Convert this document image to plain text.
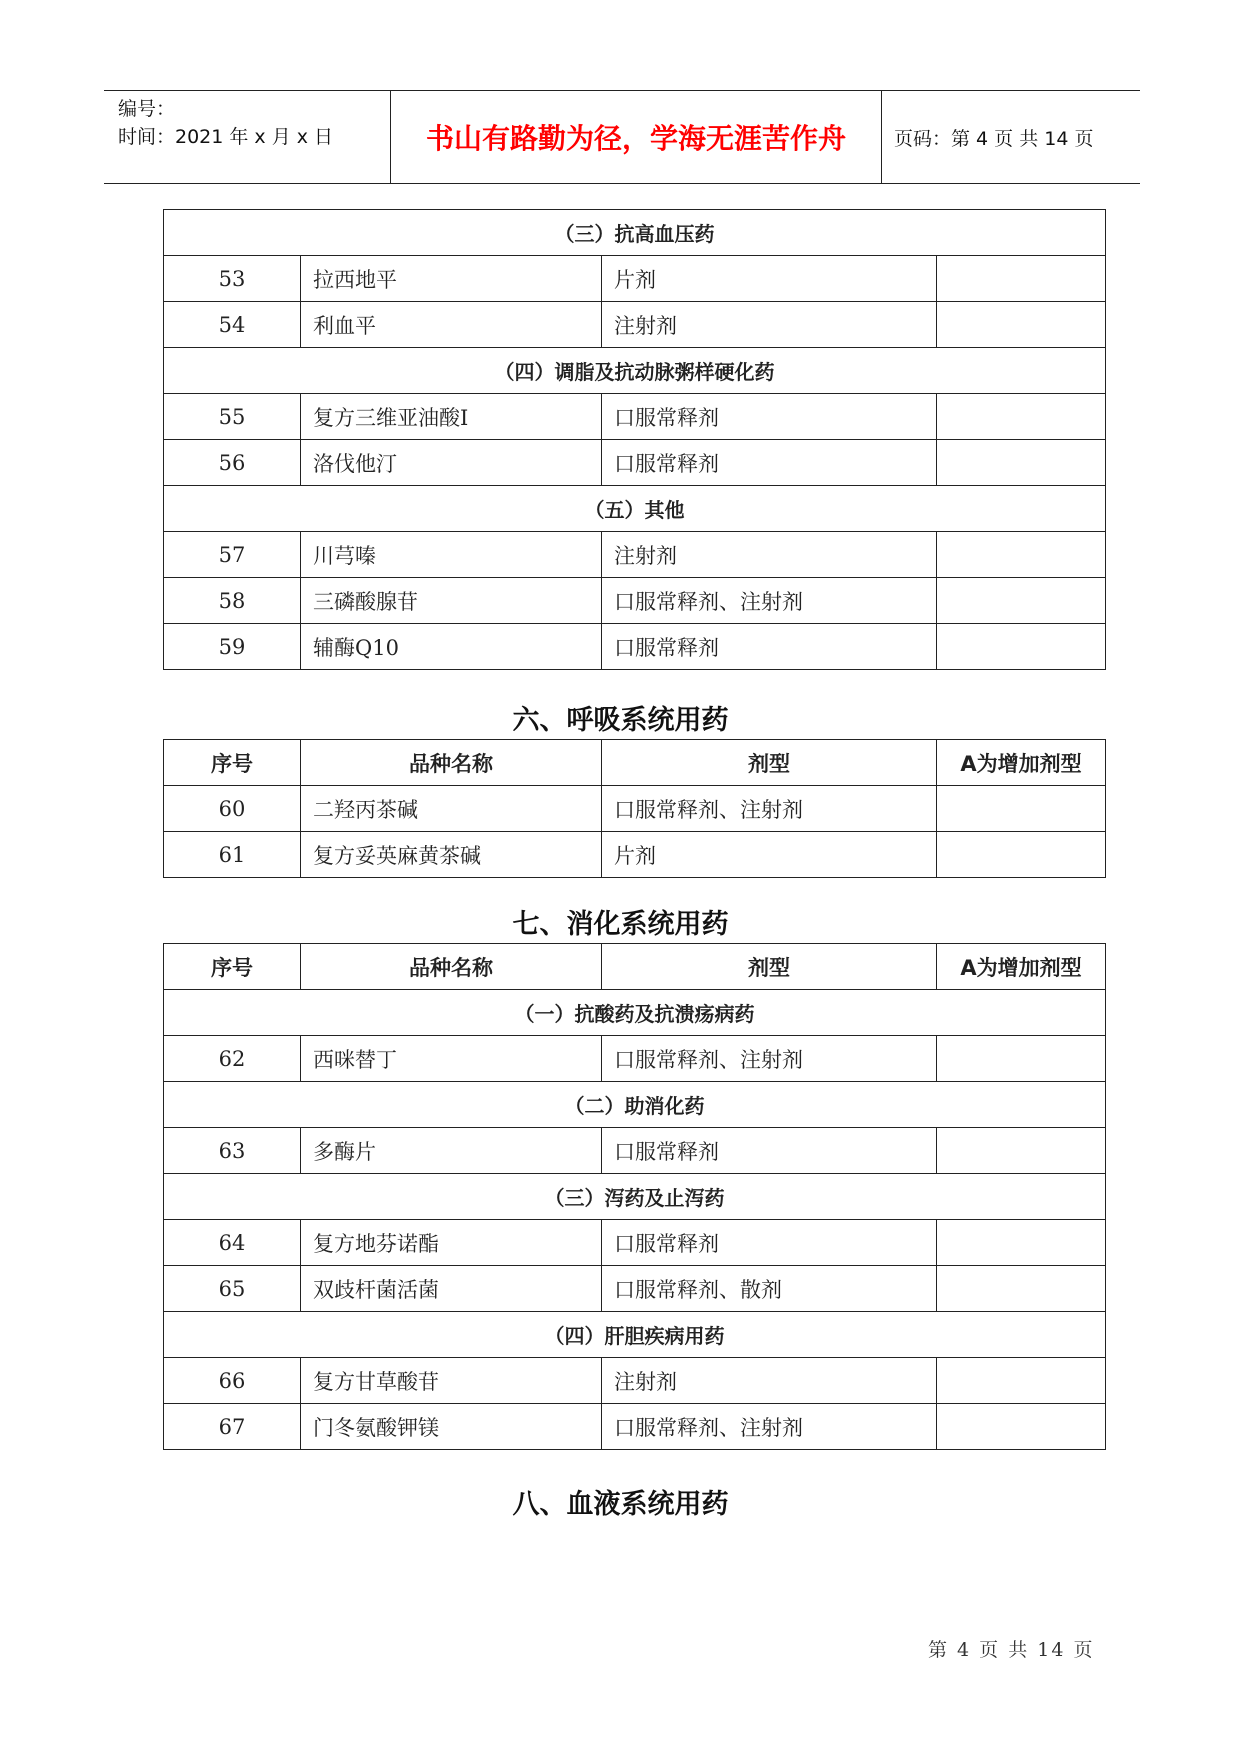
编号：
时间：2021 年 x 月 x 日	书山有路勤为径，学海无涯苦作舟	页码：第 4 页 共 14 页
（三）抗高血压药			
53	拉西地平	片剂	
54	利血平	注射剂	
（四）调脂及抗动脉粥样硬化药			
55	复方三维亚油酸I	口服常释剂	
56	洛伐他汀	口服常释剂	
（五）其他			
57	川芎嗪	注射剂	
58	三磷酸腺苷	口服常释剂、注射剂	
59	辅酶Q10	口服常释剂	
六、呼吸系统用药
序号	品种名称	剂型	A为增加剂型
60	二羟丙茶碱	口服常释剂、注射剂	
61	复方妥英麻黄茶碱	片剂	
七、消化系统用药
序号	品种名称	剂型	A为增加剂型
（一）抗酸药及抗溃疡病药			
62	西咪替丁	口服常释剂、注射剂	
（二）助消化药			
63	多酶片	口服常释剂	
（三）泻药及止泻药			
64	复方地芬诺酯	口服常释剂	
65	双歧杆菌活菌	口服常释剂、散剂	
（四）肝胆疾病用药			
66	复方甘草酸苷	注射剂	
67	门冬氨酸钾镁	口服常释剂、注射剂	
八、血液系统用药
第 4 页 共 14 页
